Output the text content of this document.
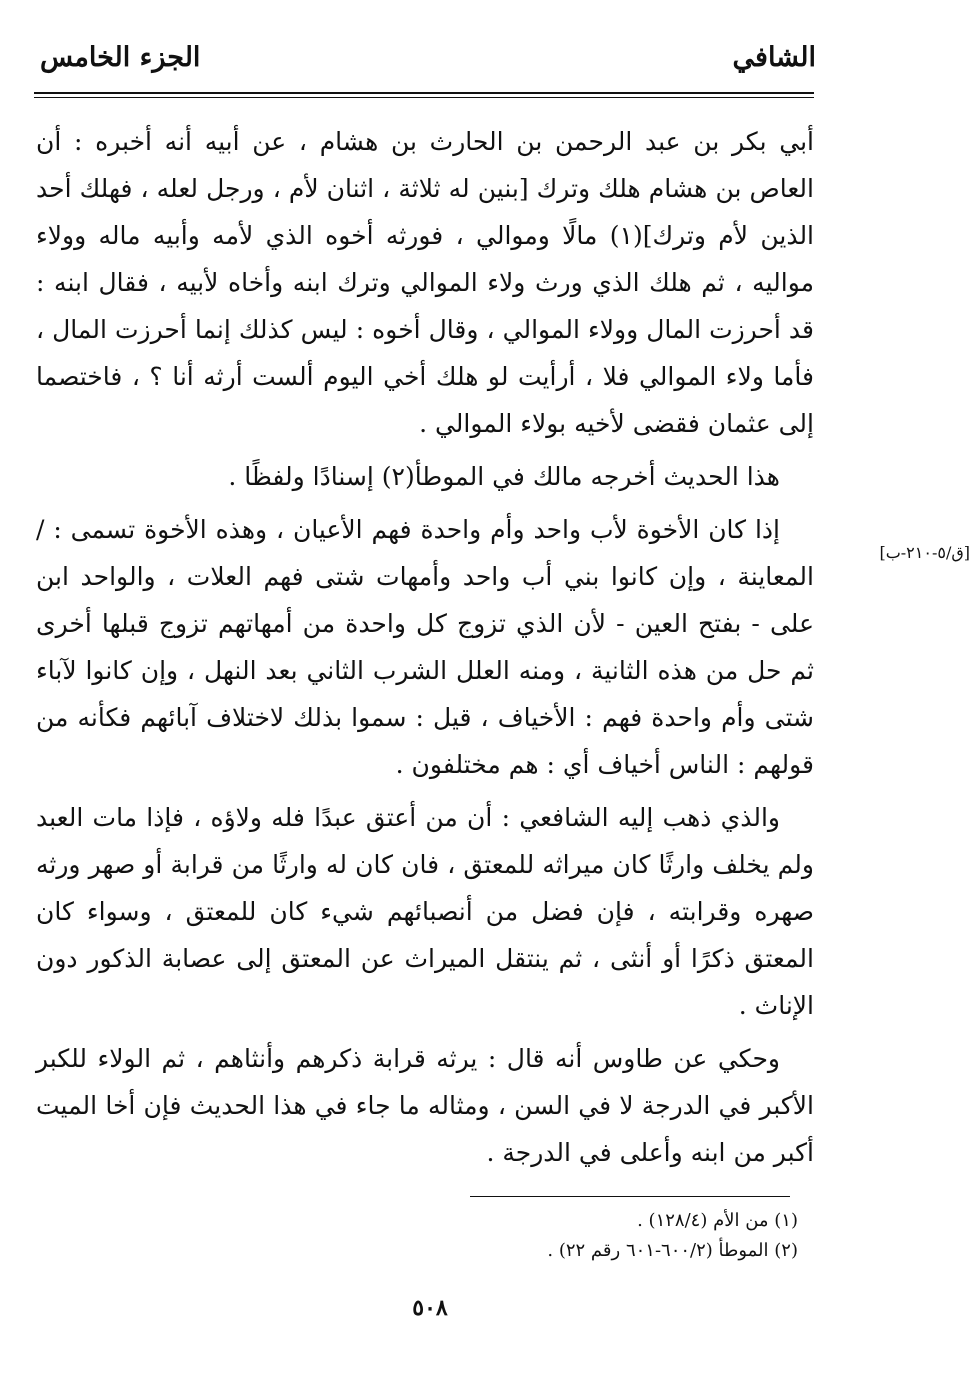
الشافي
الجزء الخامس
[ق/٥-٢١٠-ب]

أبي بكر بن عبد الرحمن بن الحارث بن هشام ، عن أبيه أنه أخبره : أن العاص بن هشام هلك وترك [بنين له ثلاثة ، اثنان لأم ، ورجل لعله ، فهلك أحد الذين لأم وترك](١) مالًا وموالي ، فورثه أخوه الذي لأمه وأبيه ماله وولاء مواليه ، ثم هلك الذي ورث ولاء الموالي وترك ابنه وأخاه لأبيه ، فقال ابنه : قد أحرزت المال وولاء الموالي ، وقال أخوه : ليس كذلك إنما أحرزت المال ، فأما ولاء الموالي فلا ، أرأيت لو هلك أخي اليوم ألست أرثه أنا ؟ ، فاختصما إلى عثمان فقضى لأخيه بولاء الموالي .

هذا الحديث أخرجه مالك في الموطأ(٢) إسنادًا ولفظًا .

إذا كان الأخوة لأب واحد وأم واحدة فهم الأعيان ، وهذه الأخوة تسمى : / المعاينة ، وإن كانوا بني أب واحد وأمهات شتى فهم العلات ، والواحد ابن على - بفتح العين - لأن الذي تزوج كل واحدة من أمهاتهم تزوج قبلها أخرى ثم حل من هذه الثانية ، ومنه العلل الشرب الثاني بعد النهل ، وإن كانوا لآباء شتى وأم واحدة فهم : الأخياف ، قيل : سموا بذلك لاختلاف آبائهم فكأنه من قولهم : الناس أخياف أي : هم مختلفون .

والذي ذهب إليه الشافعي : أن من أعتق عبدًا فله ولاؤه ، فإذا مات العبد ولم يخلف وارثًا كان ميراثه للمعتق ، فان كان له وارثًا من قرابة أو صهر ورثه صهره وقرابته ، فإن فضل من أنصبائهم شيء كان للمعتق ، وسواء كان المعتق ذكرًا أو أنثى ، ثم ينتقل الميراث عن المعتق إلى عصابة الذكور دون الإناث .

وحكي عن طاوس أنه قال : يرثه قرابة ذكرهم وأنثاهم ، ثم الولاء للكبر الأكبر في الدرجة لا في السن ، ومثاله ما جاء في هذا الحديث فإن أخا الميت أكبر من ابنه وأعلى في الدرجة .

(١) من الأم (١٢٨/٤) .
(٢) الموطأ (٦٠٠/٢-٦٠١ رقم ٢٢) .
٥٠٨
